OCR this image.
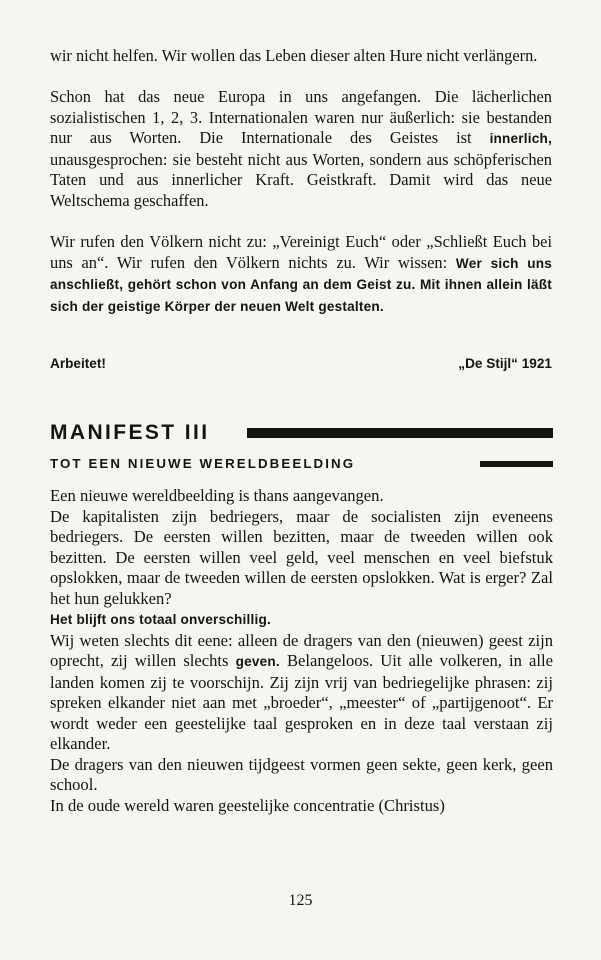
wir nicht helfen. Wir wollen das Leben dieser alten Hure nicht verlängern.

Schon hat das neue Europa in uns angefangen. Die lächerlichen sozialistischen 1, 2, 3. Internationalen waren nur äußerlich: sie bestanden nur aus Worten. Die Internationale des Geistes ist innerlich, unausgesprochen: sie besteht nicht aus Worten, sondern aus schöpferischen Taten und aus innerlicher Kraft. Geistkraft. Damit wird das neue Weltschema geschaffen.

Wir rufen den Völkern nicht zu: „Vereinigt Euch“ oder „Schließt Euch bei uns an“. Wir rufen den Völkern nichts zu. Wir wissen: Wer sich uns anschließt, gehört schon von Anfang an dem Geist zu. Mit ihnen allein läßt sich der geistige Körper der neuen Welt gestalten.

Arbeitet!	„De Stijl“ 1921
MANIFEST III
TOT EEN NIEUWE WERELDBEELDING

Een nieuwe wereldbeelding is thans aangevangen.

De kapitalisten zijn bedriegers, maar de socialisten zijn eveneens bedriegers. De eersten willen bezitten, maar de tweeden willen ook bezitten. De eersten willen veel geld, veel menschen en veel biefstuk opslokken, maar de tweeden willen de eersten opslokken. Wat is erger? Zal het hun gelukken?

Het blijft ons totaal onverschillig.

Wij weten slechts dit eene: alleen de dragers van den (nieuwen) geest zijn oprecht, zij willen slechts geven. Belangeloos. Uit alle volkeren, in alle landen komen zij te voorschijn. Zij zijn vrij van bedriegelijke phrasen: zij spreken elkander niet aan met „broeder“, „meester“ of „partijgenoot“. Er wordt weder een geestelijke taal gesproken en in deze taal verstaan zij elkander.

De dragers van den nieuwen tijdgeest vormen geen sekte, geen kerk, geen school.

In de oude wereld waren geestelijke concentratie (Christus)

125
